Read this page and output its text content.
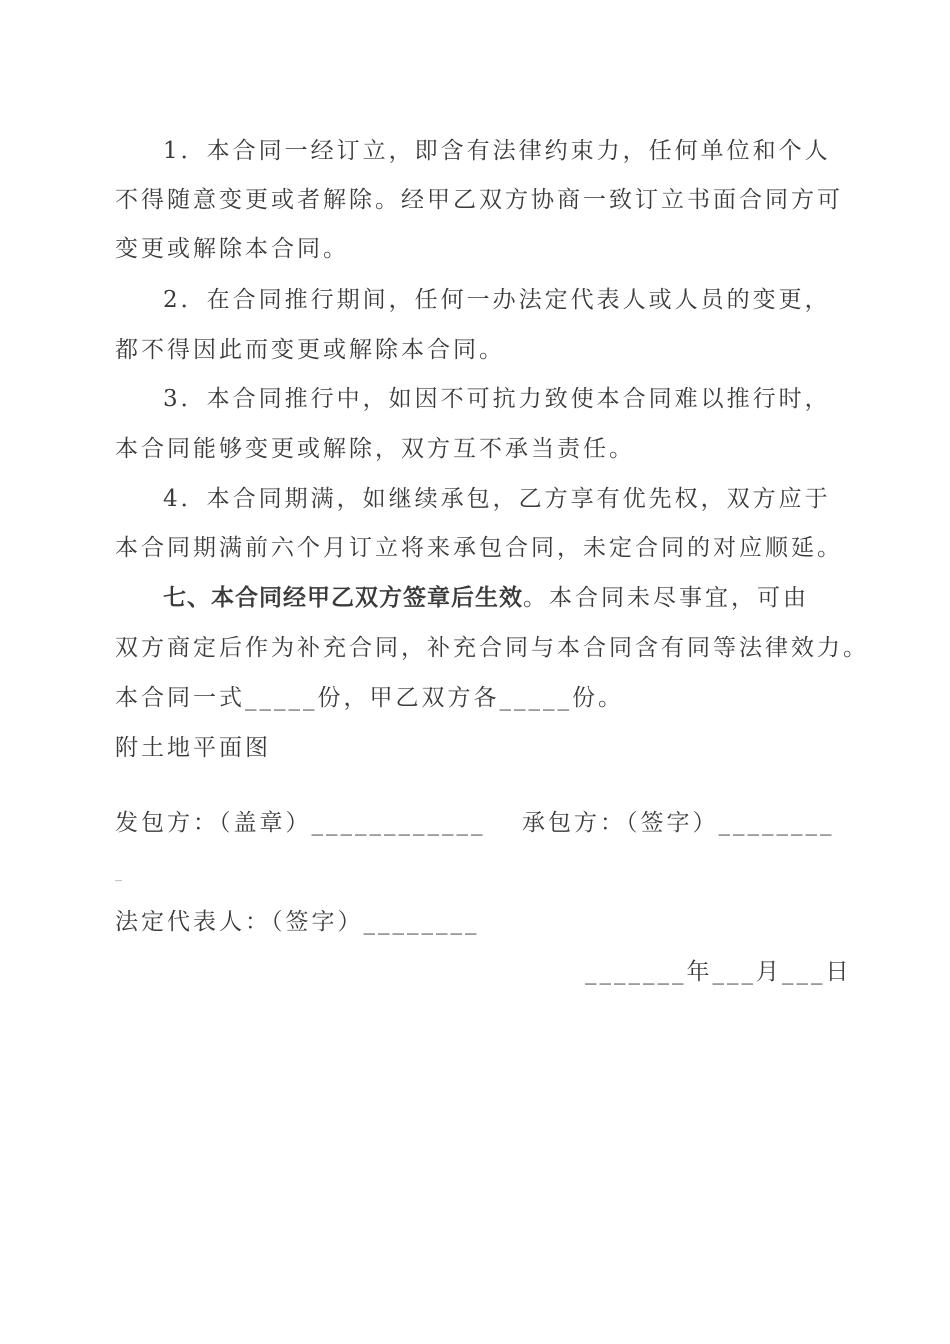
1．本合同一经订立，即含有法律约束力，任何单位和个人
不得随意变更或者解除。经甲乙双方协商一致订立书面合同方可
变更或解除本合同。
2．在合同推行期间，任何一办法定代表人或人员的变更，
都不得因此而变更或解除本合同。
3．本合同推行中，如因不可抗力致使本合同难以推行时，
本合同能够变更或解除，双方互不承当责任。
4．本合同期满，如继续承包，乙方享有优先权，双方应于
本合同期满前六个月订立将来承包合同，未定合同的对应顺延。
七、本合同经甲乙双方签章后生效。本合同未尽事宜，可由
双方商定后作为补充合同，补充合同与本合同含有同等法律效力。
本合同一式_____份，甲乙双方各_____份。
附土地平面图
发包方：（盖章）____________ 承包方：（签字）________
_
法定代表人：（签字）________
_______年___月___日
